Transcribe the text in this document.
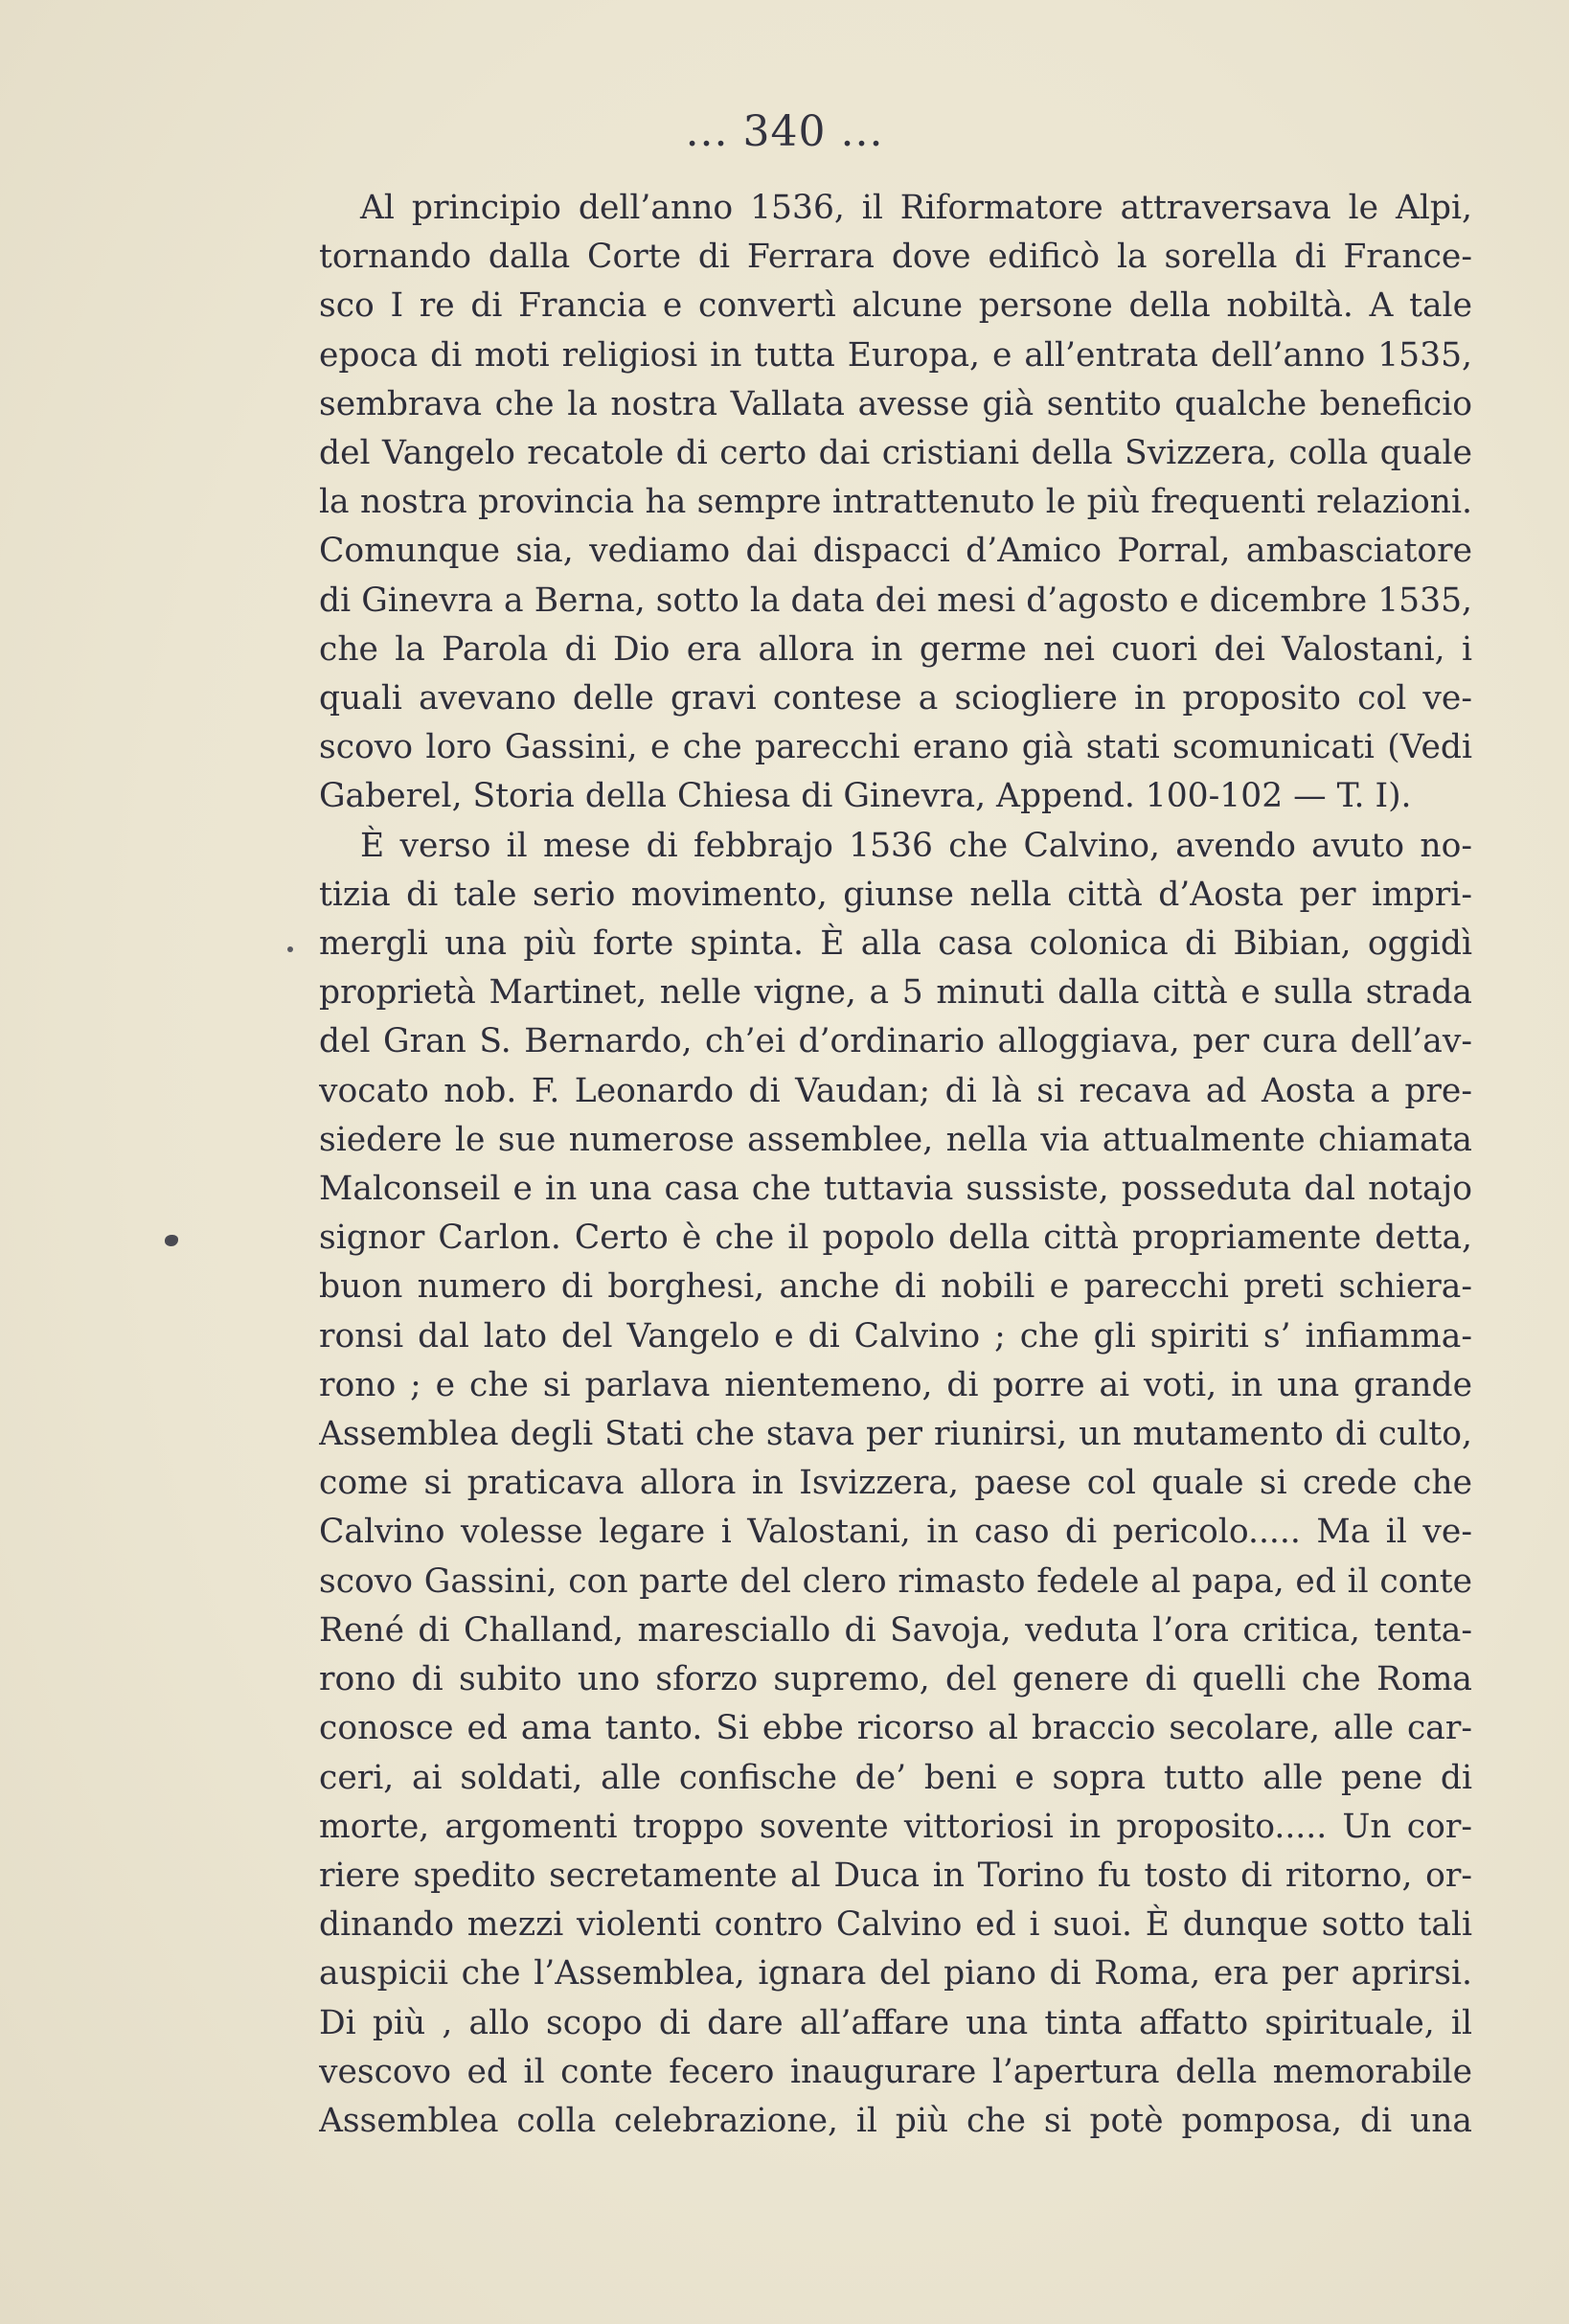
... 340 ...

Al principio dell’anno 1536, il Riformatore attraversava le Alpi,
tornando dalla Corte di Ferrara dove edificò la sorella di France-
sco I re di Francia e convertì alcune persone della nobiltà. A tale
epoca di moti religiosi in tutta Europa, e all’entrata dell’anno 1535,
sembrava che la nostra Vallata avesse già sentito qualche beneficio
del Vangelo recatole di certo dai cristiani della Svizzera, colla quale
la nostra provincia ha sempre intrattenuto le più frequenti relazioni.
Comunque sia, vediamo dai dispacci d’Amico Porral, ambasciatore
di Ginevra a Berna, sotto la data dei mesi d’agosto e dicembre 1535,
che la Parola di Dio era allora in germe nei cuori dei Valostani, i
quali avevano delle gravi contese a sciogliere in proposito col ve-
scovo loro Gassini, e che parecchi erano già stati scomunicati (Vedi
Gaberel, Storia della Chiesa di Ginevra, Append. 100-102 — T. I).

È verso il mese di febbrajo 1536 che Calvino, avendo avuto no-
tizia di tale serio movimento, giunse nella città d’Aosta per impri-
mergli una più forte spinta. È alla casa colonica di Bibian, oggidì
proprietà Martinet, nelle vigne, a 5 minuti dalla città e sulla strada
del Gran S. Bernardo, ch’ei d’ordinario alloggiava, per cura dell’av-
vocato nob. F. Leonardo di Vaudan; di là si recava ad Aosta a pre-
siedere le sue numerose assemblee, nella via attualmente chiamata
Malconseil e in una casa che tuttavia sussiste, posseduta dal notajo
signor Carlon. Certo è che il popolo della città propriamente detta,
buon numero di borghesi, anche di nobili e parecchi preti schiera-
ronsi dal lato del Vangelo e di Calvino ; che gli spiriti s’ infiamma-
rono ; e che si parlava nientemeno, di porre ai voti, in una grande
Assemblea degli Stati che stava per riunirsi, un mutamento di culto,
come si praticava allora in Isvizzera, paese col quale si crede che
Calvino volesse legare i Valostani, in caso di pericolo..... Ma il ve-
scovo Gassini, con parte del clero rimasto fedele al papa, ed il conte
René di Challand, maresciallo di Savoja, veduta l’ora critica, tenta-
rono di subito uno sforzo supremo, del genere di quelli che Roma
conosce ed ama tanto. Si ebbe ricorso al braccio secolare, alle car-
ceri, ai soldati, alle confische de’ beni e sopra tutto alle pene di
morte, argomenti troppo sovente vittoriosi in proposito..... Un cor-
riere spedito secretamente al Duca in Torino fu tosto di ritorno, or-
dinando mezzi violenti contro Calvino ed i suoi. È dunque sotto tali
auspicii che l’Assemblea, ignara del piano di Roma, era per aprirsi.
Di più , allo scopo di dare all’affare una tinta affatto spirituale, il
vescovo ed il conte fecero inaugurare l’apertura della memorabile
Assemblea colla celebrazione, il più che si potè pomposa, di una
